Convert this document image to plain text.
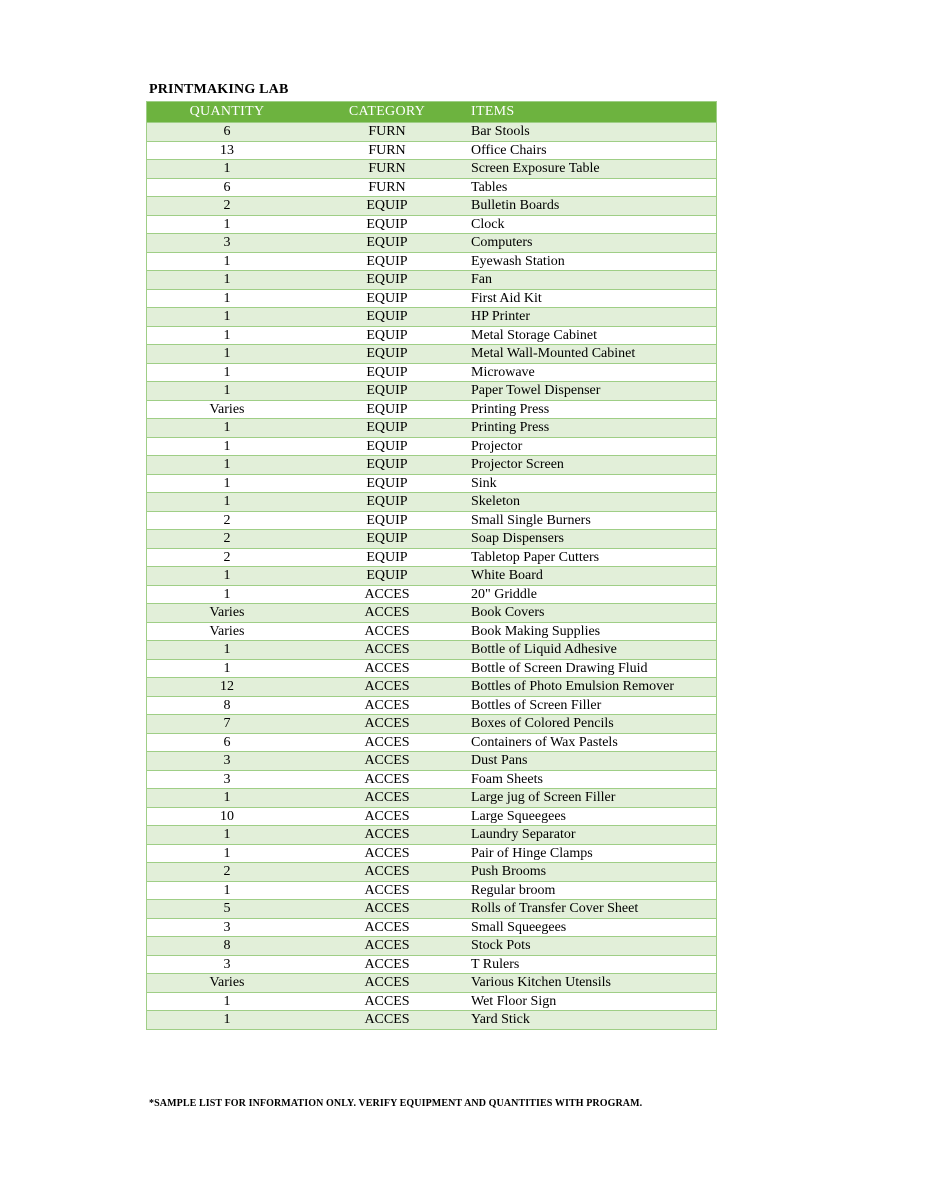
PRINTMAKING LAB
QUANTITY	CATEGORY	ITEMS
6	FURN	Bar Stools
13	FURN	Office Chairs
1	FURN	Screen Exposure Table
6	FURN	Tables
2	EQUIP	Bulletin Boards
1	EQUIP	Clock
3	EQUIP	Computers
1	EQUIP	Eyewash Station
1	EQUIP	Fan
1	EQUIP	First Aid Kit
1	EQUIP	HP Printer
1	EQUIP	Metal Storage Cabinet
1	EQUIP	Metal Wall-Mounted Cabinet
1	EQUIP	Microwave
1	EQUIP	Paper Towel Dispenser
Varies	EQUIP	Printing Press
1	EQUIP	Printing Press
1	EQUIP	Projector
1	EQUIP	Projector Screen
1	EQUIP	Sink
1	EQUIP	Skeleton
2	EQUIP	Small Single Burners
2	EQUIP	Soap Dispensers
2	EQUIP	Tabletop Paper Cutters
1	EQUIP	White Board
1	ACCES	20" Griddle
Varies	ACCES	Book Covers
Varies	ACCES	Book Making Supplies
1	ACCES	Bottle of Liquid Adhesive
1	ACCES	Bottle of Screen Drawing Fluid
12	ACCES	Bottles of Photo Emulsion Remover
8	ACCES	Bottles of Screen Filler
7	ACCES	Boxes of Colored Pencils
6	ACCES	Containers of Wax Pastels
3	ACCES	Dust Pans
3	ACCES	Foam Sheets
1	ACCES	Large jug of Screen Filler
10	ACCES	Large Squeegees
1	ACCES	Laundry Separator
1	ACCES	Pair of Hinge Clamps
2	ACCES	Push Brooms
1	ACCES	Regular broom
5	ACCES	Rolls of Transfer Cover Sheet
3	ACCES	Small Squeegees
8	ACCES	Stock Pots
3	ACCES	T Rulers
Varies	ACCES	Various Kitchen Utensils
1	ACCES	Wet Floor Sign
1	ACCES	Yard Stick
*SAMPLE LIST FOR INFORMATION ONLY. VERIFY EQUIPMENT AND QUANTITIES WITH PROGRAM.
